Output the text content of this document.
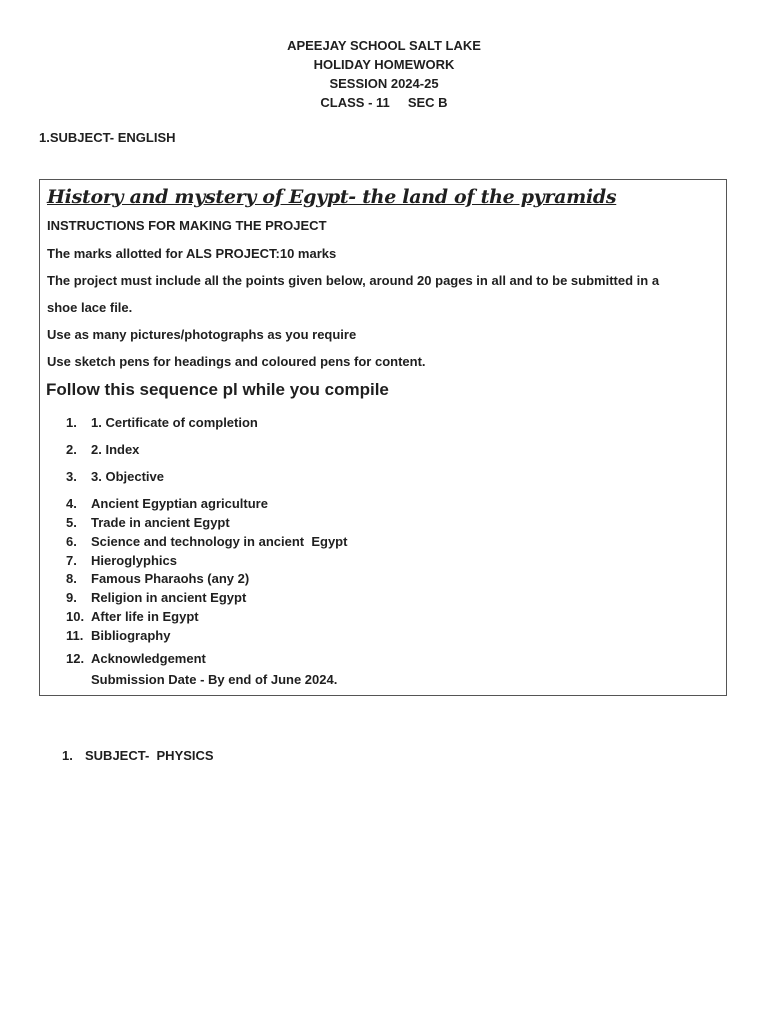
APEEJAY SCHOOL SALT LAKE
HOLIDAY HOMEWORK
SESSION 2024-25
CLASS - 11     SEC B
1.SUBJECT- ENGLISH
History and mystery of Egypt- the land of the pyramids
INSTRUCTIONS FOR MAKING THE PROJECT
The marks allotted for ALS PROJECT:10 marks
The project must include all the points given below, around 20 pages in all and to be submitted in a
shoe lace file.
Use as many pictures/photographs as you require
Use sketch pens for headings and coloured pens for content.
Follow this sequence pl while you compile
1. 1. Certificate of completion
2. 2. Index
3. 3. Objective
4. Ancient Egyptian agriculture
5. Trade in ancient Egypt
6. Science and technology in ancient  Egypt
7. Hieroglyphics
8. Famous Pharaohs (any 2)
9. Religion in ancient Egypt
10. After life in Egypt
11. Bibliography
12. Acknowledgement
Submission Date - By end of June 2024.
1. SUBJECT-  PHYSICS
